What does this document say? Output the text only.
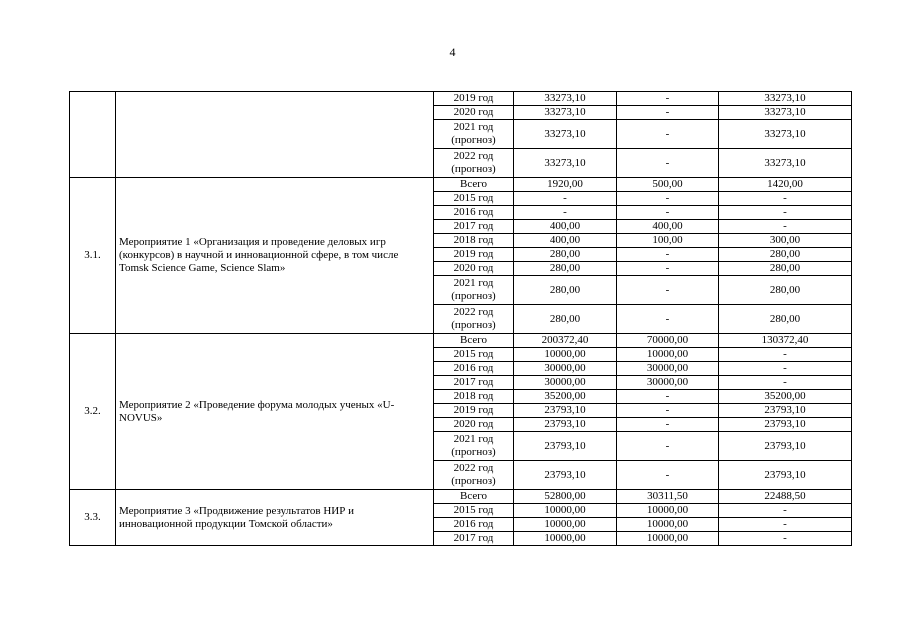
4
		2019 год	33273,10	-	33273,10
		2020 год	33273,10	-	33273,10
		2021 год (прогноз)	33273,10	-	33273,10
		2022 год (прогноз)	33273,10	-	33273,10
3.1.	Мероприятие 1 «Организация и проведение деловых игр (конкурсов) в научной и инновационной сфере, в том числе Tomsk Science Game, Science Slam»	Всего	1920,00	500,00	1420,00
		2015 год	-	-	-
		2016 год	-	-	-
		2017 год	400,00	400,00	-
		2018 год	400,00	100,00	300,00
		2019 год	280,00	-	280,00
		2020 год	280,00	-	280,00
		2021 год (прогноз)	280,00	-	280,00
		2022 год (прогноз)	280,00	-	280,00
3.2.	Мероприятие 2 «Проведение форума молодых ученых «U-NOVUS»	Всего	200372,40	70000,00	130372,40
		2015 год	10000,00	10000,00	-
		2016 год	30000,00	30000,00	-
		2017 год	30000,00	30000,00	-
		2018 год	35200,00	-	35200,00
		2019 год	23793,10	-	23793,10
		2020 год	23793,10	-	23793,10
		2021 год (прогноз)	23793,10	-	23793,10
		2022 год (прогноз)	23793,10	-	23793,10
3.3.	Мероприятие 3 «Продвижение результатов НИР и инновационной продукции Томской области»	Всего	52800,00	30311,50	22488,50
		2015 год	10000,00	10000,00	-
		2016 год	10000,00	10000,00	-
		2017 год	10000,00	10000,00	-
